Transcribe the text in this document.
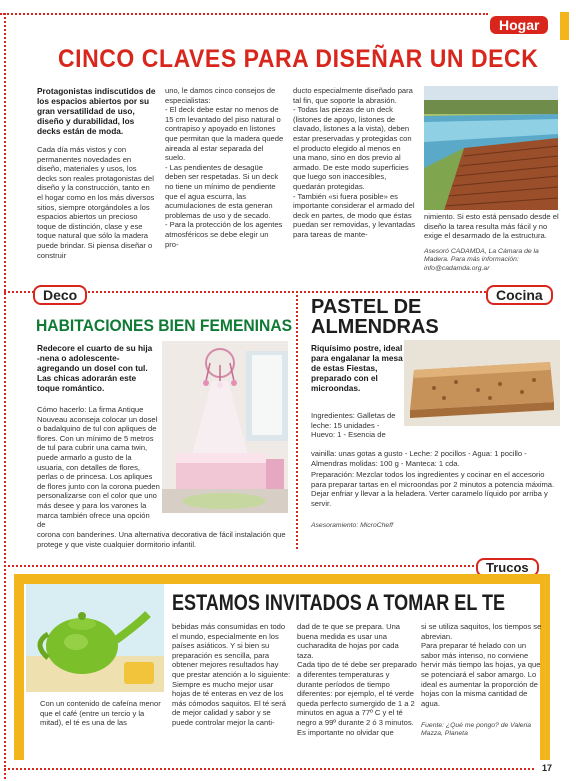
Hogar
CINCO CLAVES PARA DISEÑAR UN DECK
Protagonistas indiscutidos de los espacios abiertos por su gran versatilidad de uso, diseño y durabilidad, los decks están de moda.
Cada día más vistos y con permanentes novedades en diseño, materiales y usos, los decks son reales protagonistas del diseño y la construcción, tanto en el hogar como en los más diversos sitios, siempre otorgándoles a los espacios abiertos un precioso toque de distinción, clase y ese toque natural que sólo la madera puede brindar. Si piensa diseñar o construir
uno, le damos cinco consejos de especialistas:
- El deck debe estar no menos de 15 cm levantado del piso natural o contrapiso y apoyado en listones que permitan que la madera quede aireada al estar separada del suelo.
- Las pendientes de desagüe deben ser respetadas. Si un deck no tiene un mínimo de pendiente que el agua escurra, las acumulaciones de esta generan problemas de uso y de secado.
- Para la protección de los agentes atmosféricos se debe elegir un pro-
ducto especialmente diseñado para tal fin, que soporte la abrasión.
- Todas las piezas de un deck (listones de apoyo, listones de clavado, listones a la vista), deben estar preservadas y protegidas con el producto elegido al menos en una mano, sino en dos previo al armado. De este modo superficies que luego son inaccesibles, quedarán protegidas.
- También «si fuera posible» es importante considerar el armado del deck en partes, de modo que éstas puedan ser removidas, y levantadas para tareas de mante-
nimiento. Si esto está pensado desde el diseño la tarea resulta más fácil y no exige el desarmado de la estructura.
Asesoró CADAMDA, La Cámara de la Madera. Para más información: info@cadamda.org.ar
Deco
HABITACIONES BIEN FEMENINAS
Redecore el cuarto de su hija -nena o adolescente- agregando un dosel con tul. Las chicas adorarán este toque romántico.
Cómo hacerlo: La firma Antique Nouveau aconseja colocar un dosel o badalquino de tul con apliques de flores. Con un mínimo de 5 metros de tul para cubrir una cama twin, puede armarlo a gusto de la usuaria, con detalles de flores, perlas o de princesa. Los apliques de flores junto con la corona pueden personalizarse con el color que uno más desee y para los varones la marca también ofrece una opción de
corona con banderines. Una alternativa decorativa de fácil instalación que protege y que viste cualquier dormitorio infantil.
Cocina
PASTEL DE
ALMENDRAS
Riquísimo postre, ideal para engalanar la mesa de estas Fiestas, preparado con el microondas.
Ingredientes: Galletas de leche: 15 unidades - Huevo: 1 - Esencia de
vainilla: unas gotas a gusto - Leche: 2 pocillos - Agua: 1 pocillo - Almendras molidas: 100 g - Manteca: 1 cda.
Preparación: Mezclar todos los ingredientes y cocinar en el accesorio para preparar tartas en el microondas por 2 minutos a potencia máxima. Dejar enfriar y llevar a la heladera. Verter caramelo líquido por arriba y servir.
Asesoramiento: MicroCheff
Trucos
ESTAMOS INVITADOS A TOMAR EL TE
Con un contenido de cafeína menor que el café (entre un tercio y la mitad), el té es una de las
bebidas más consumidas en todo el mundo, especialmente en los países asiáticos. Y si bien su preparación es sencilla, para obtener mejores resultados hay que prestar atención a lo siguiente:
Siempre es mucho mejor usar hojas de té enteras en vez de los más cómodos saquitos. El té será de mejor calidad y sabor y se puede controlar mejor la canti-
dad de te que se prepara. Una buena medida es usar una cucharadita de hojas por cada taza.
Cada tipo de té debe ser preparado a diferentes temperaturas y durante períodos de tiempo diferentes: por ejemplo, el té verde queda perfecto sumergido de 1 a 2 minutos en agua a 77º C y el té negro a 99º durante 2 ó 3 minutos. Es importante no olvidar que
si se utiliza saquitos, los tiempos se abrevian.
Para preparar té helado con un sabor más intenso, no conviene hervir más tiempo las hojas, ya que se potenciará el sabor amargo. Lo ideal es aumentar la proporción de hojas con la misma cantidad de agua.
Fuente: ¿Qué me pongo? de Valeria Mazza, Planeta
17
